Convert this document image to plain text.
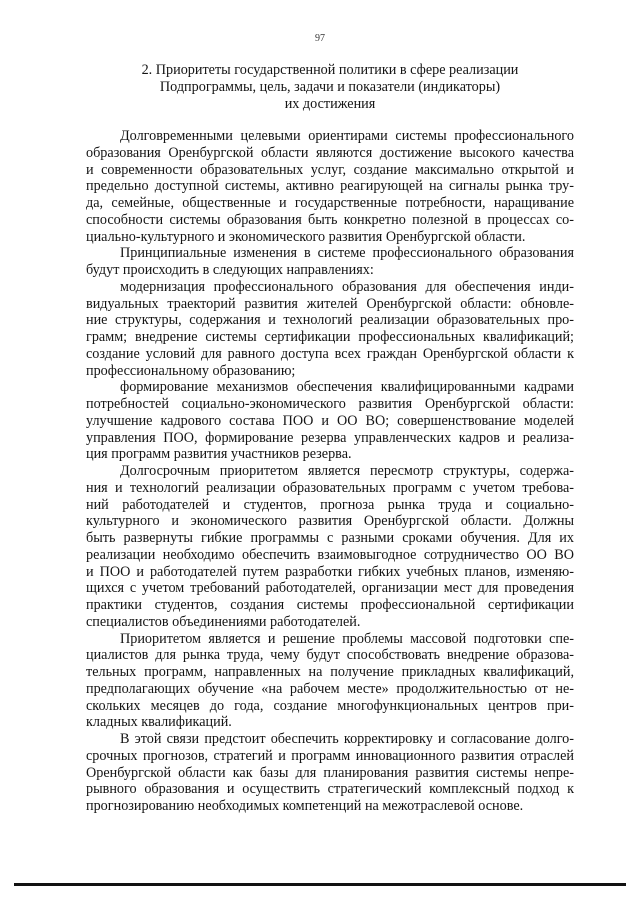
97
2. Приоритеты государственной политики в сфере реализации
Подпрограммы, цель, задачи и показатели (индикаторы)
их достижения
Долговременными целевыми ориентирами системы профессионального
образования Оренбургской области являются достижение высокого качества
и современности образовательных услуг, создание максимально открытой и
предельно доступной системы, активно реагирующей на сигналы рынка тру-
да, семейные, общественные и государственные потребности, наращивание
способности системы образования быть конкретно полезной в процессах со-
циально-культурного и экономического развития Оренбургской области.
Принципиальные изменения в системе профессионального образования
будут происходить в следующих направлениях:
модернизация профессионального образования для обеспечения инди-
видуальных траекторий развития жителей Оренбургской области: обновле-
ние структуры, содержания и технологий реализации образовательных про-
грамм; внедрение системы сертификации профессиональных квалификаций;
создание условий для равного доступа всех граждан Оренбургской области к
профессиональному образованию;
формирование механизмов обеспечения квалифицированными кадрами
потребностей социально-экономического развития Оренбургской области:
улучшение кадрового состава ПОО и ОО ВО; совершенствование моделей
управления ПОО, формирование резерва управленческих кадров и реализа-
ция программ развития участников резерва.
Долгосрочным приоритетом является пересмотр структуры, содержа-
ния и технологий реализации образовательных программ с учетом требова-
ний работодателей и студентов, прогноза рынка труда и социально-
культурного и экономического развития Оренбургской области. Должны
быть развернуты гибкие программы с разными сроками обучения. Для их
реализации необходимо обеспечить взаимовыгодное сотрудничество ОО ВО
и ПОО и работодателей путем разработки гибких учебных планов, изменяю-
щихся с учетом требований работодателей, организации мест для проведения
практики студентов, создания системы профессиональной сертификации
специалистов объединениями работодателей.
Приоритетом является и решение проблемы массовой подготовки спе-
циалистов для рынка труда, чему будут способствовать внедрение образова-
тельных программ, направленных на получение прикладных квалификаций,
предполагающих обучение «на рабочем месте» продолжительностью от не-
скольких месяцев до года, создание многофункциональных центров при-
кладных квалификаций.
В этой связи предстоит обеспечить корректировку и согласование долго-
срочных прогнозов, стратегий и программ инновационного развития отраслей
Оренбургской области как базы для планирования развития системы непре-
рывного образования и осуществить стратегический комплексный подход к
прогнозированию необходимых компетенций на межотраслевой основе.
